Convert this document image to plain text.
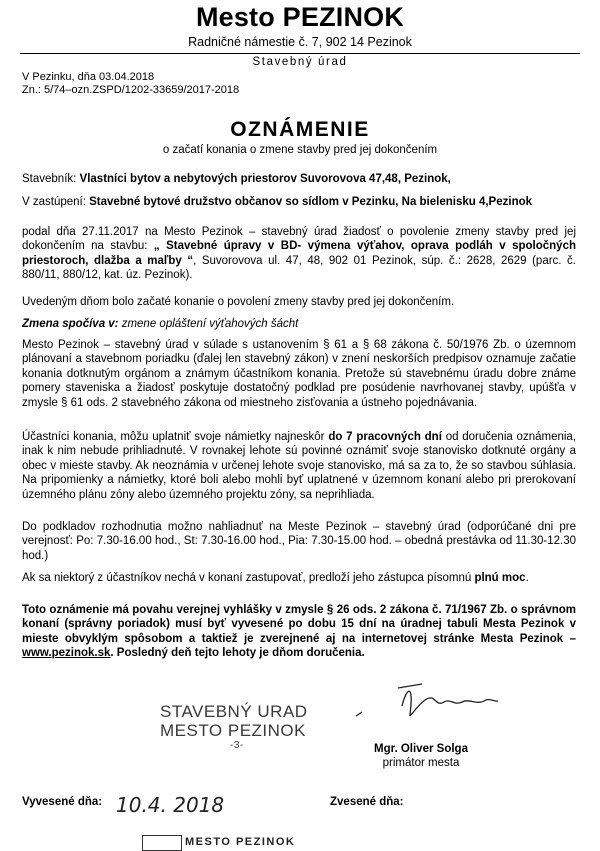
Mesto PEZINOK
Radničné námestie č. 7, 902 14 Pezinok
Stavebný úrad
V Pezinku, dňa 03.04.2018
Zn.: 5/74–ozn.ZSPD/1202-33659/2017-2018
OZNÁMENIE
o začatí konania o zmene stavby pred jej dokončením
Stavebník: Vlastníci bytov a nebytových priestorov Suvorovova 47,48, Pezinok,
V zastúpení: Stavebné bytové družstvo občanov so sídlom v Pezinku, Na bielenisku 4,Pezinok
podal dňa 27.11.2017 na Mesto Pezinok – stavebný úrad žiadosť o povolenie zmeny stavby pred jej dokončením na stavbu: „ Stavebné úpravy v BD- výmena výťahov, oprava podláh v spoločných priestoroch, dlažba a maľby “, Suvorovova ul. 47, 48, 902 01 Pezinok, súp. č.: 2628, 2629 (parc. č. 880/11, 880/12, kat. úz. Pezinok).
Uvedeným dňom bolo začaté konanie o povolení zmeny stavby pred jej dokončením.
Zmena spočíva v: zmene opláštení výťahových šácht
Mesto Pezinok – stavebný úrad v súlade s ustanovením § 61 a § 68 zákona č. 50/1976 Zb. o územnom plánovaní a stavebnom poriadku (ďalej len stavebný zákon) v znení neskorších predpisov oznamuje začatie konania dotknutým orgánom a známym účastníkom konania. Pretože sú stavebnému úradu dobre známe pomery staveniska a žiadosť poskytuje dostatočný podklad pre posúdenie navrhovanej stavby, upúšťa v zmysle § 61 ods. 2 stavebného zákona od miestneho zisťovania a ústneho pojednávania.
Účastníci konania, môžu uplatniť svoje námietky najneskôr do 7 pracovných dní od doručenia oznámenia, inak k nim nebude prihliadnuté. V rovnakej lehote sú povinné oznámiť svoje stanovisko dotknuté orgány a obec v mieste stavby. Ak neoznámia v určenej lehote svoje stanovisko, má sa za to, že so stavbou súhlasia. Na pripomienky a námietky, ktoré boli alebo mohli byť uplatnené v územnom konaní alebo pri prerokovaní územného plánu zóny alebo územného projektu zóny, sa neprihliada.
Do podkladov rozhodnutia možno nahliadnuť na Meste Pezinok – stavebný úrad (odporúčané dni pre verejnosť: Po: 7.30-16.00 hod., St: 7.30-16.00 hod., Pia: 7.30-15.00 hod. – obedná prestávka od 11.30-12.30 hod.)
Ak sa niektorý z účastníkov nechá v konaní zastupovať, predloží jeho zástupca písomnú plnú moc.
Toto oznámenie má povahu verejnej vyhlášky v zmysle § 26 ods. 2 zákona č. 71/1967 Zb. o správnom konaní (správny poriadok) musí byť vyvesené po dobu 15 dní na úradnej tabuli Mesta Pezinok v mieste obvyklým spôsobom a taktiež je zverejnené aj na internetovej stránke Mesta Pezinok – www.pezinok.sk. Posledný deň tejto lehoty je dňom doručenia.
STAVEBNÝ URAD
MESTO PEZINOK
-3-	Mgr. Oliver Solga
primátor mesta
Vyvesené dňa: 10.4. 2018	Zvesené dňa:
MESTO PEZINOK
